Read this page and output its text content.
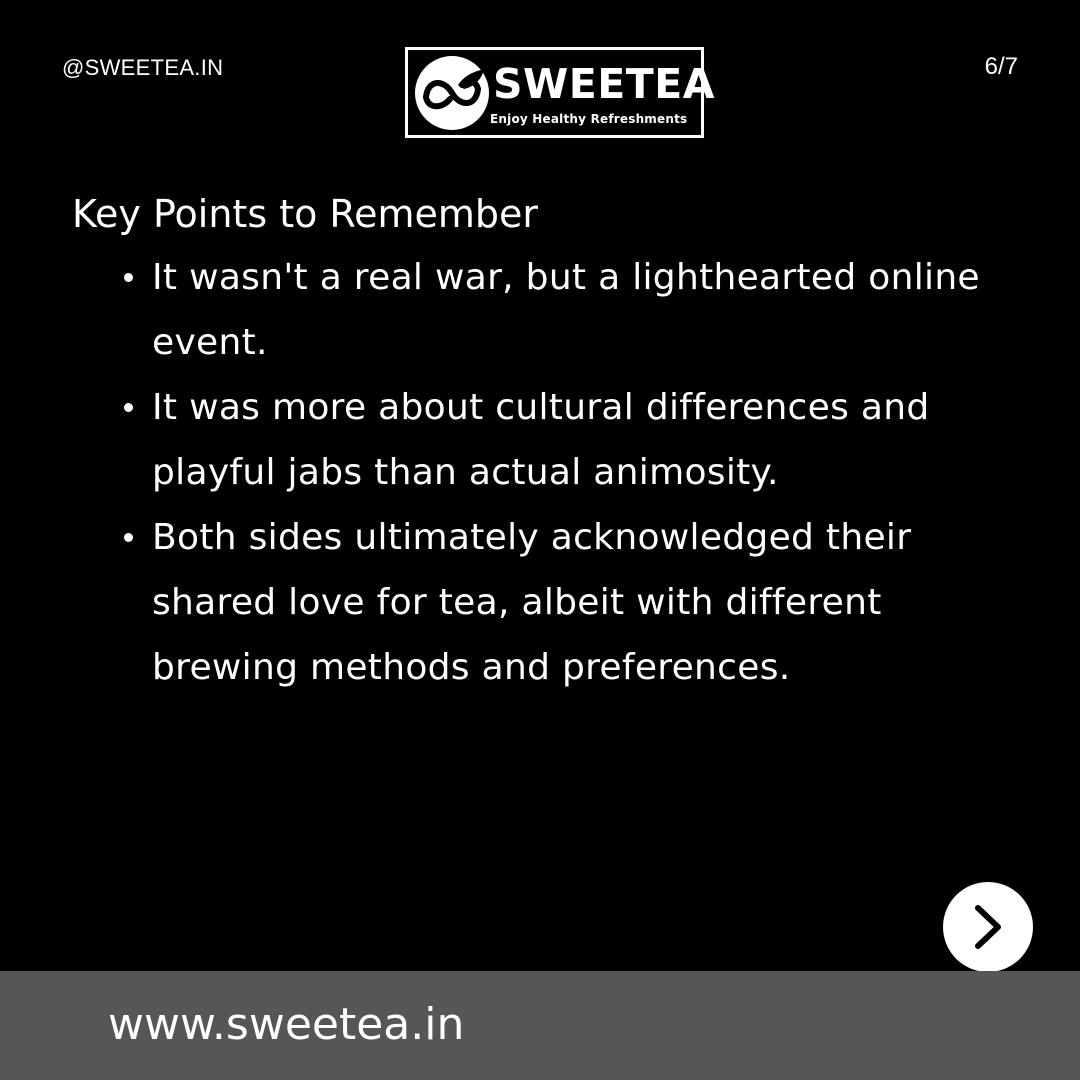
@SWEETEA.IN	SWEETEA
Enjoy Healthy Refreshments
6/7
Key Points to Remember
It wasn't a real war, but a lighthearted online event.
It was more about cultural differences and playful jabs than actual animosity.
Both sides ultimately acknowledged their shared love for tea, albeit with different brewing methods and preferences.
www.sweetea.in
